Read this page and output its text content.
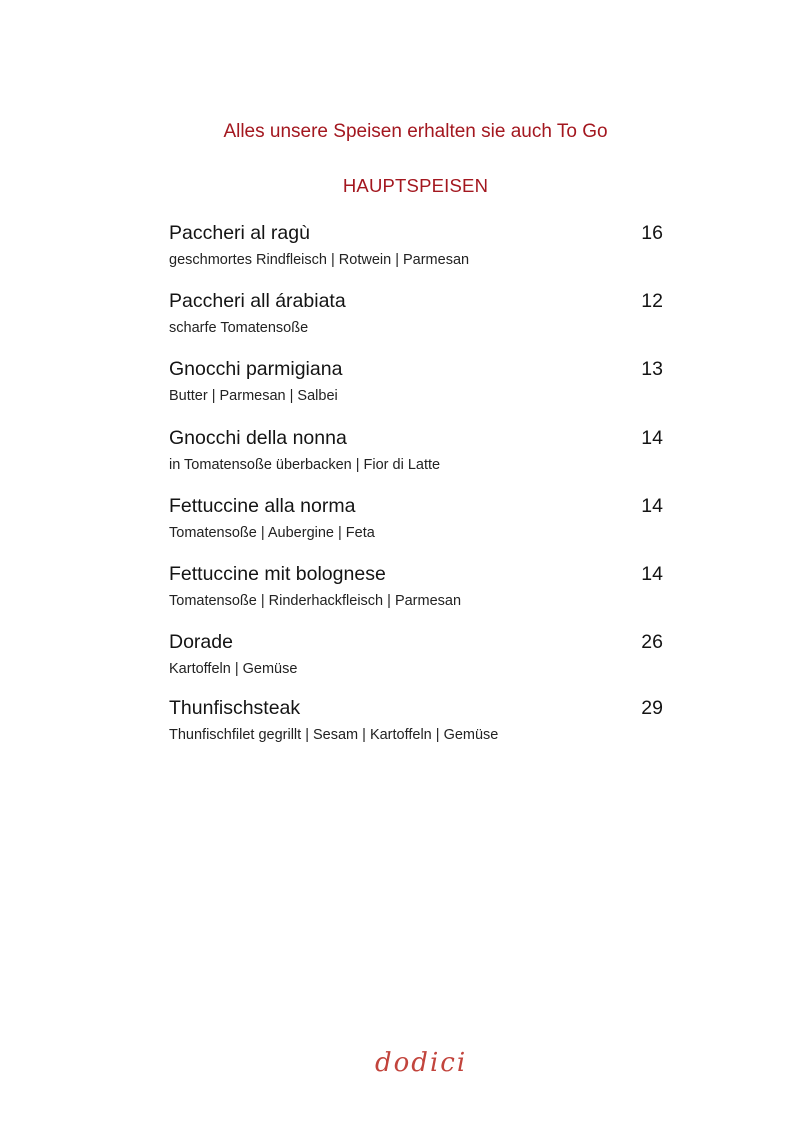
Alles unsere Speisen erhalten sie auch To Go
HAUPTSPEISEN
Paccheri al ragù	16
geschmortes Rindfleisch | Rotwein | Parmesan
Paccheri all árabiata	12
scharfe Tomatensoße
Gnocchi parmigiana	13
Butter | Parmesan | Salbei
Gnocchi della nonna	14
in Tomatensoße überbacken | Fior di Latte
Fettuccine alla norma	14
Tomatensoße | Aubergine | Feta
Fettuccine mit bolognese	14
Tomatensoße | Rinderhackfleisch | Parmesan
Dorade	26
Kartoffeln | Gemüse
Thunfischsteak	29
Thunfischfilet gegrillt | Sesam | Kartoffeln | Gemüse
dodici
